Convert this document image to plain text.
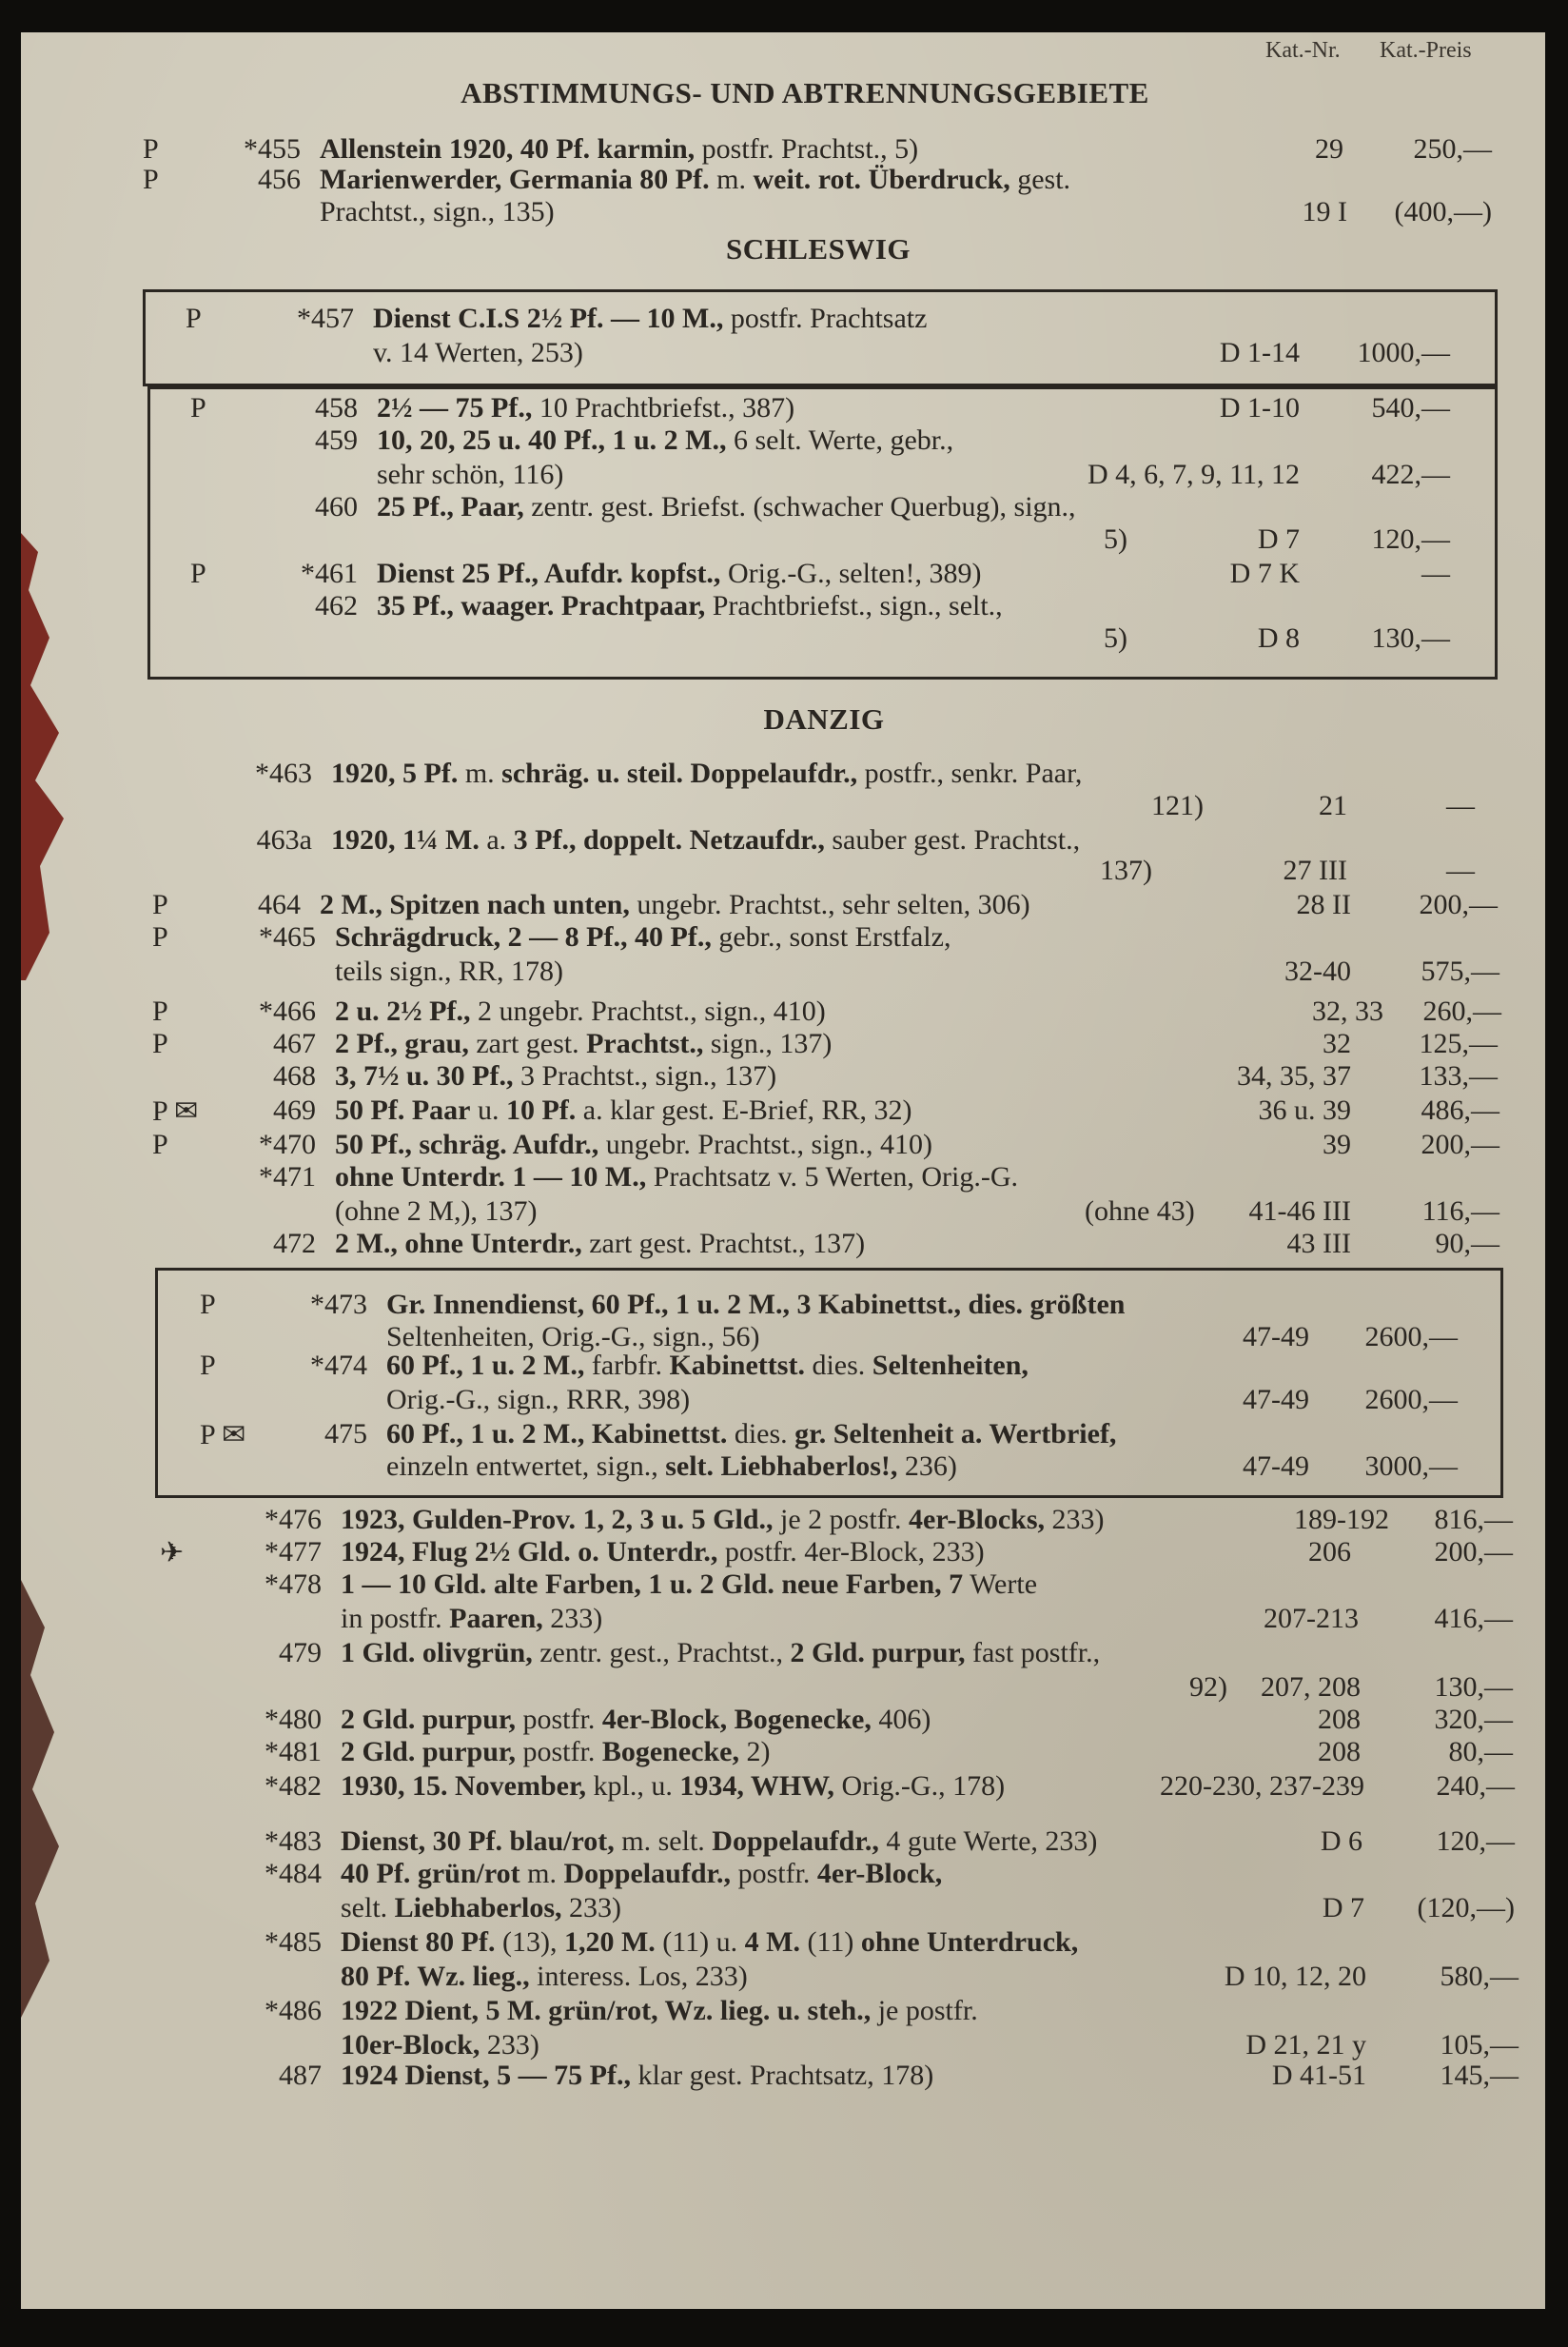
Kat.-Nr. Kat.-Preis
ABSTIMMUNGS- UND ABTRENNUNGSGEBIETE
SCHLESWIG
DANZIG
P	*455 Allenstein 1920, 40 Pf. karmin, postfr. Prachtst., 5)	29 250,—
P	456 Marienwerder, Germania 80 Pf. m. weit. rot. Überdruck, gest.
Prachtst., sign., 135)	19 I (400,—)
P	*457 Dienst C.I.S 2½ Pf. — 10 M., postfr. Prachtsatz
v. 14 Werten, 253)	D 1-14 1000,—
P	458 2½ — 75 Pf., 10 Prachtbriefst., 387)	D 1-10	540,—
459 10, 20, 25 u. 40 Pf., 1 u. 2 M., 6 selt. Werte, gebr.,
sehr schön, 116)	D 4, 6, 7, 9, 11, 12	422,—
460 25 Pf., Paar, zentr. gest. Briefst. (schwacher Querbug), sign.,
5)	D 7	120,—
P	*461 Dienst 25 Pf., Aufdr. kopfst., Orig.-G., selten!, 389)	D 7 K	—
462 35 Pf., waager. Prachtpaar, Prachtbriefst., sign., selt.,
5)	D 8	130,—
*463 1920, 5 Pf. m. schräg. u. steil. Doppelaufdr., postfr., senkr. Paar,
121)	21	—
463a 1920, 1¼ M. a. 3 Pf., doppelt. Netzaufdr., sauber gest. Prachtst.,
137)	27 III	—
P	464 2 M., Spitzen nach unten, ungebr. Prachtst., sehr selten, 306)	28 II 200,—
P	*465 Schrägdruck, 2 — 8 Pf., 40 Pf., gebr., sonst Erstfalz,
teils sign., RR, 178)	32-40 575,—
P	*466 2 u. 2½ Pf., 2 ungebr. Prachtst., sign., 410)	32, 33 260,—
P	467 2 Pf., grau, zart gest. Prachtst., sign., 137)	32 125,—
468 3, 7½ u. 30 Pf., 3 Prachtst., sign., 137)	34, 35, 37 133,—
P ✉	469 50 Pf. Paar u. 10 Pf. a. klar gest. E-Brief, RR, 32)	36 u. 39 486,—
P	*470 50 Pf., schräg. Aufdr., ungebr. Prachtst., sign., 410)	39 200,—
*471 ohne Unterdr. 1 — 10 M., Prachtsatz v. 5 Werten, Orig.-G.
(ohne 2 M,), 137)	(ohne 43) 41-46 III 116,—
472 2 M., ohne Unterdr., zart gest. Prachtst., 137)	43 III	90,—
P	*473 Gr. Innendienst, 60 Pf., 1 u. 2 M., 3 Kabinettst., dies. größten
Seltenheiten, Orig.-G., sign., 56)	47-49 2600,—
P	*474 60 Pf., 1 u. 2 M., farbfr. Kabinettst. dies. Seltenheiten,
Orig.-G., sign., RRR, 398)	47-49 2600,—
P ✉	475 60 Pf., 1 u. 2 M., Kabinettst. dies. gr. Seltenheit a. Wertbrief,
einzeln entwertet, sign., selt. Liebhaberlos!, 236)	47-49 3000,—
*476 1923, Gulden-Prov. 1, 2, 3 u. 5 Gld., je 2 postfr. 4er-Blocks, 233)	189-192 816,—
✈	*477 1924, Flug 2½ Gld. o. Unterdr., postfr. 4er-Block, 233)	206	200,—
*478 1 — 10 Gld. alte Farben, 1 u. 2 Gld. neue Farben, 7 Werte
in postfr. Paaren, 233)	207-213	416,—
479 1 Gld. olivgrün, zentr. gest., Prachtst., 2 Gld. purpur, fast postfr.,
92) 207, 208	130,—
*480 2 Gld. purpur, postfr. 4er-Block, Bogenecke, 406)	208	320,—
*481 2 Gld. purpur, postfr. Bogenecke, 2)	208	80,—
*482 1930, 15. November, kpl., u. 1934, WHW, Orig.-G., 178)	220-230, 237-239	240,—
*483 Dienst, 30 Pf. blau/rot, m. selt. Doppelaufdr., 4 gute Werte, 233)	D 6	120,—
*484 40 Pf. grün/rot m. Doppelaufdr., postfr. 4er-Block,
selt. Liebhaberlos, 233)	D 7 (120,—)
*485 Dienst 80 Pf. (13), 1,20 M. (11) u. 4 M. (11) ohne Unterdruck,
80 Pf. Wz. lieg., interess. Los, 233)	D 10, 12, 20	580,—
*486 1922 Dient, 5 M. grün/rot, Wz. lieg. u. steh., je postfr.
10er-Block, 233)	D 21, 21 y	105,—
487 1924 Dienst, 5 — 75 Pf., klar gest. Prachtsatz, 178)	D 41-51	145,—
